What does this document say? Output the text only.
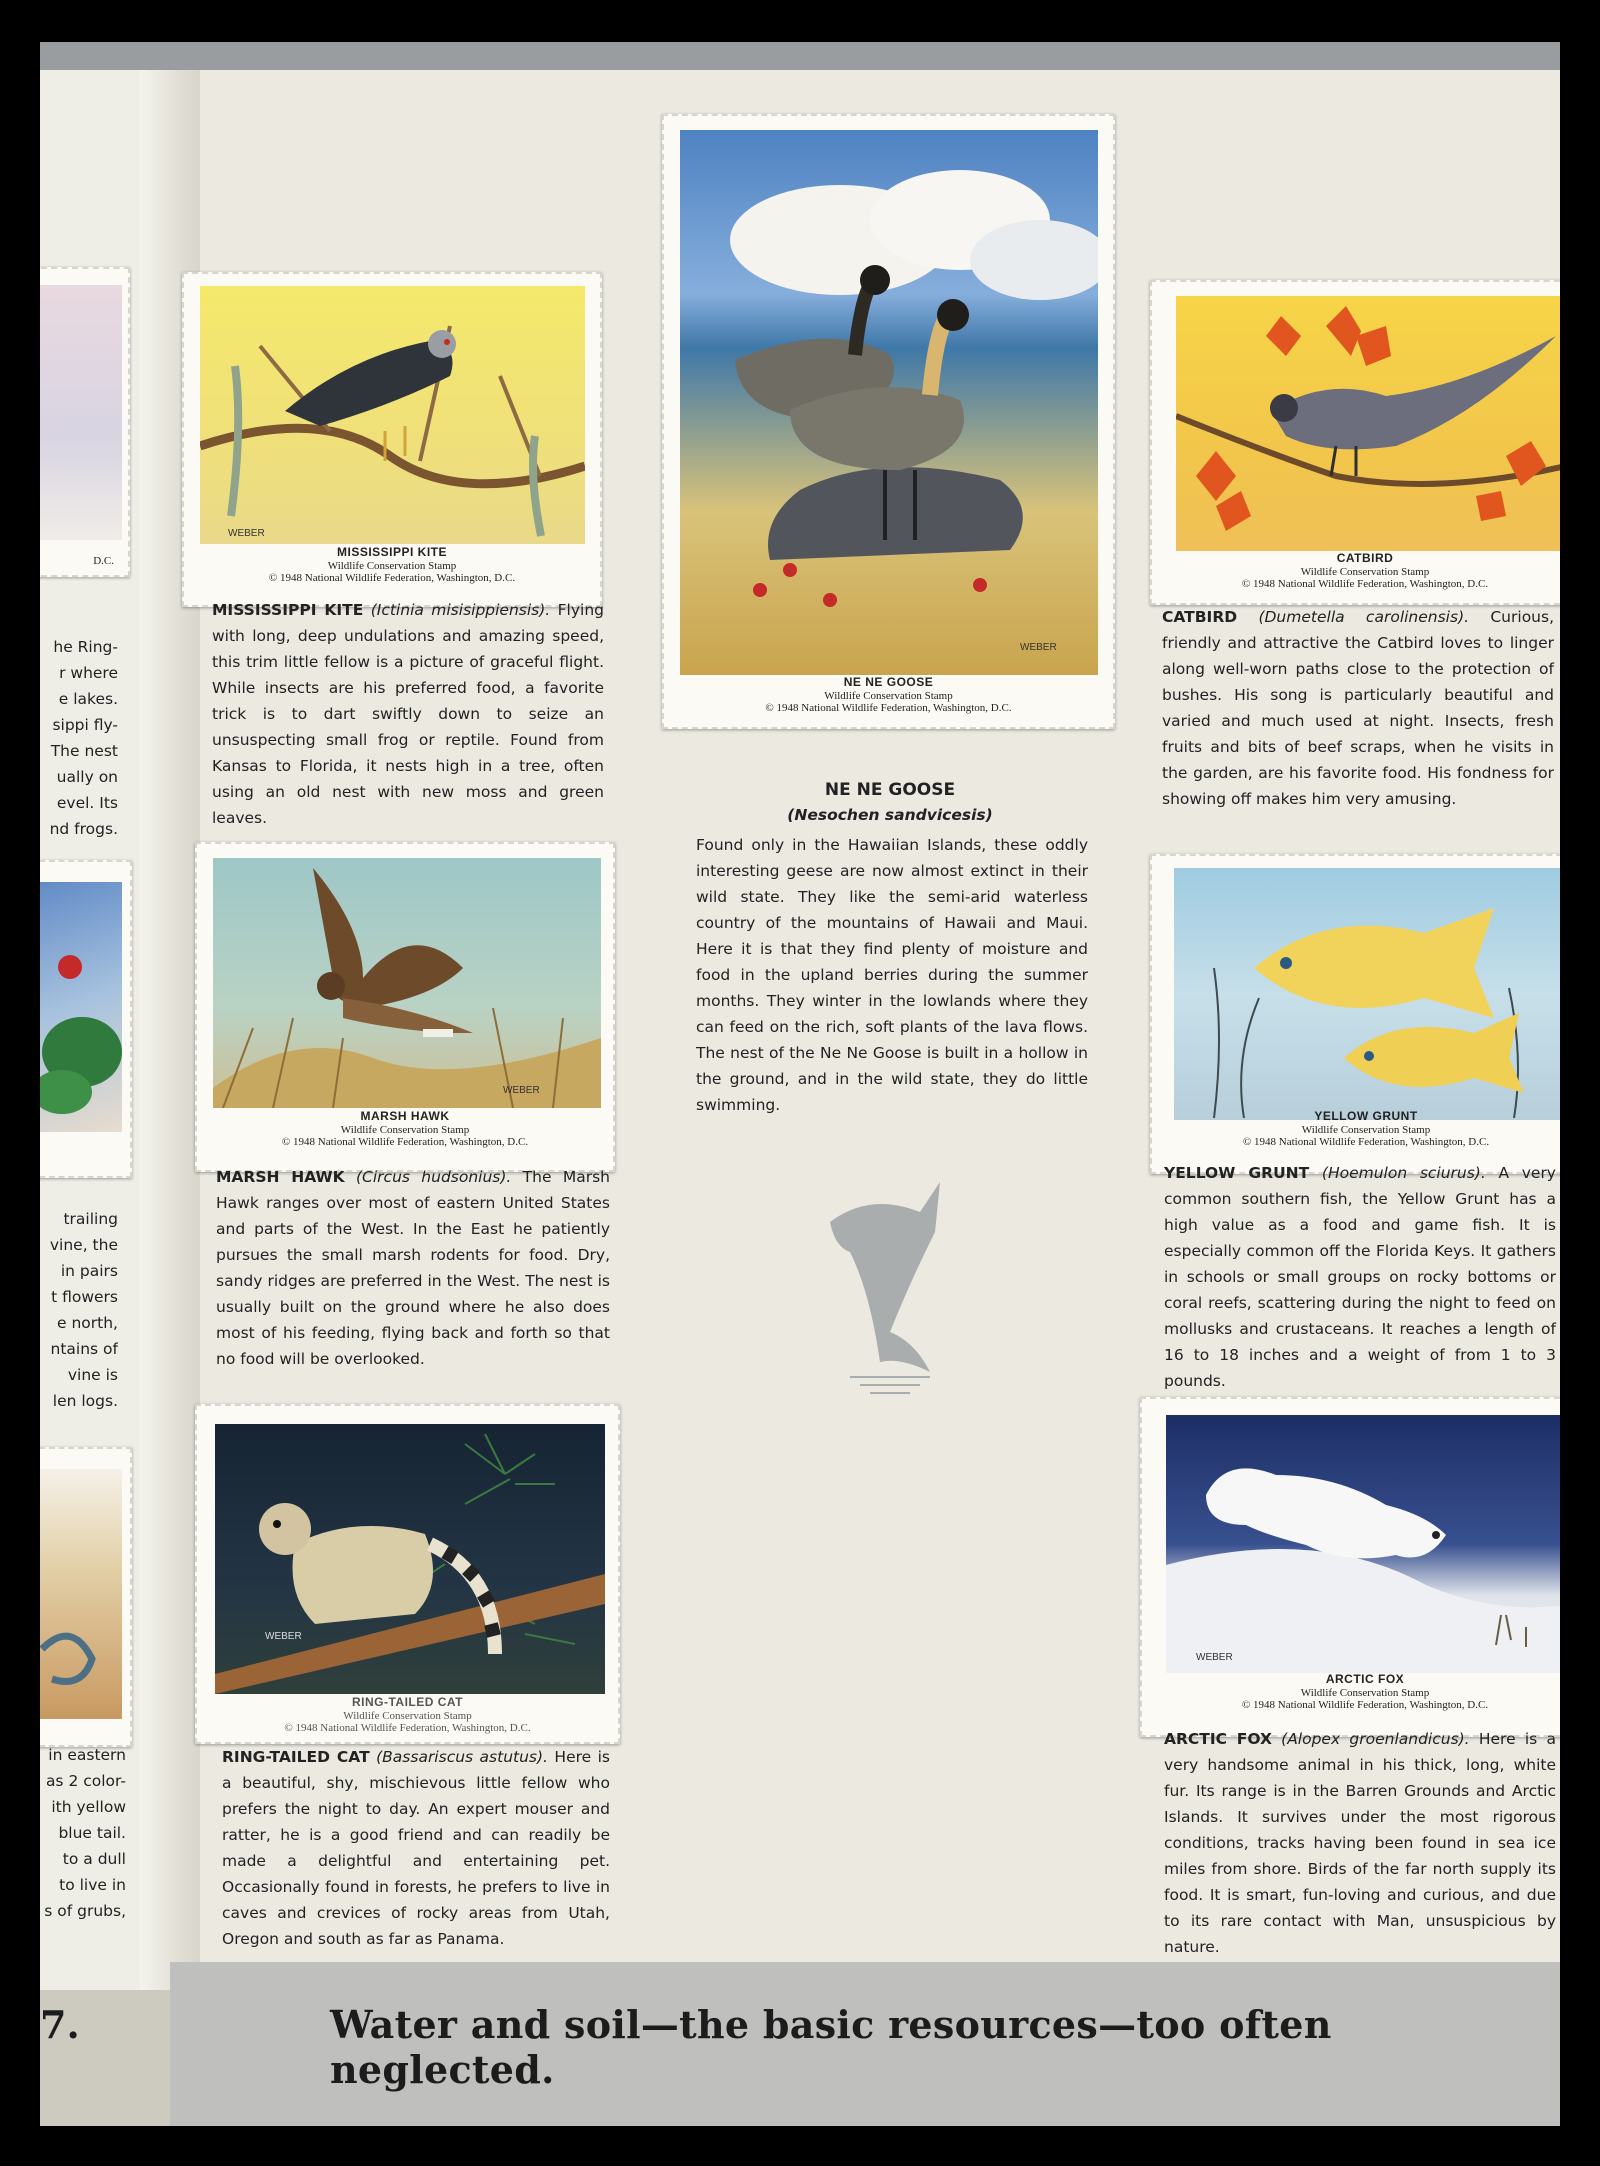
D.C.
he Ring-
r where
e lakes.
sippi fly-
The nest
ually on
evel. Its
nd frogs.
trailing
vine, the
in pairs
t flowers
e north,
ntains of
vine is
len logs.
in eastern
as 2 color-
ith yellow
blue tail.
to a dull
to live in
s of grubs,
WEBER
MISSISSIPPI KITE
Wildlife Conservation Stamp
© 1948 National Wildlife Federation, Washington, D.C.
WEBER
NE NE GOOSE
Wildlife Conservation Stamp
© 1948 National Wildlife Federation, Washington, D.C.
CATBIRD
Wildlife Conservation Stamp
© 1948 National Wildlife Federation, Washington, D.C.
MISSISSIPPI KITE (Ictinia misisippiensis). Flying with long, deep undulations and amazing speed, this trim little fellow is a picture of graceful flight. While insects are his preferred food, a favorite trick is to dart swiftly down to seize an unsuspecting small frog or reptile. Found from Kansas to Florida, it nests high in a tree, often using an old nest with new moss and green leaves.
CATBIRD (Dumetella carolinensis). Curious, friendly and attractive the Catbird loves to linger along well-worn paths close to the protection of bushes. His song is particularly beautiful and varied and much used at night. Insects, fresh fruits and bits of beef scraps, when he visits in the garden, are his favorite food. His fondness for showing off makes him very amusing.
NE NE GOOSE
(Nesochen sandvicesis)
Found only in the Hawaiian Islands, these oddly interesting geese are now almost extinct in their wild state. They like the semi-arid waterless country of the mountains of Hawaii and Maui. Here it is that they find plenty of moisture and food in the upland berries during the summer months. They winter in the lowlands where they can feed on the rich, soft plants of the lava flows. The nest of the Ne Ne Goose is built in a hollow in the ground, and in the wild state, they do little swimming.
WEBER
MARSH HAWK
Wildlife Conservation Stamp
© 1948 National Wildlife Federation, Washington, D.C.
YELLOW GRUNT
Wildlife Conservation Stamp
© 1948 National Wildlife Federation, Washington, D.C.
MARSH HAWK (Circus hudsonius). The Marsh Hawk ranges over most of eastern United States and parts of the West. In the East he patiently pursues the small marsh rodents for food. Dry, sandy ridges are preferred in the West. The nest is usually built on the ground where he also does most of his feeding, flying back and forth so that no food will be overlooked.
YELLOW GRUNT (Hoemulon sciurus). A very common southern fish, the Yellow Grunt has a high value as a food and game fish. It is especially common off the Florida Keys. It gathers in schools or small groups on rocky bottoms or coral reefs, scattering during the night to feed on mollusks and crustaceans. It reaches a length of 16 to 18 inches and a weight of from 1 to 3 pounds.
WEBER
RING-TAILED CAT
Wildlife Conservation Stamp
© 1948 National Wildlife Federation, Washington, D.C.
WEBER
ARCTIC FOX
Wildlife Conservation Stamp
© 1948 National Wildlife Federation, Washington, D.C.
RING-TAILED CAT (Bassariscus astutus). Here is a beautiful, shy, mischievous little fellow who prefers the night to day. An expert mouser and ratter, he is a good friend and can readily be made a delightful and entertaining pet. Occasionally found in forests, he prefers to live in caves and crevices of rocky areas from Utah, Oregon and south as far as Panama.
ARCTIC FOX (Alopex groenlandicus). Here is a very handsome animal in his thick, long, white fur. Its range is in the Barren Grounds and Arctic Islands. It survives under the most rigorous conditions, tracks having been found in sea ice miles from shore. Birds of the far north supply its food. It is smart, fun-loving and curious, and due to its rare contact with Man, unsuspicious by nature.
7.	Water and soil—the basic resources—too often neglected.
